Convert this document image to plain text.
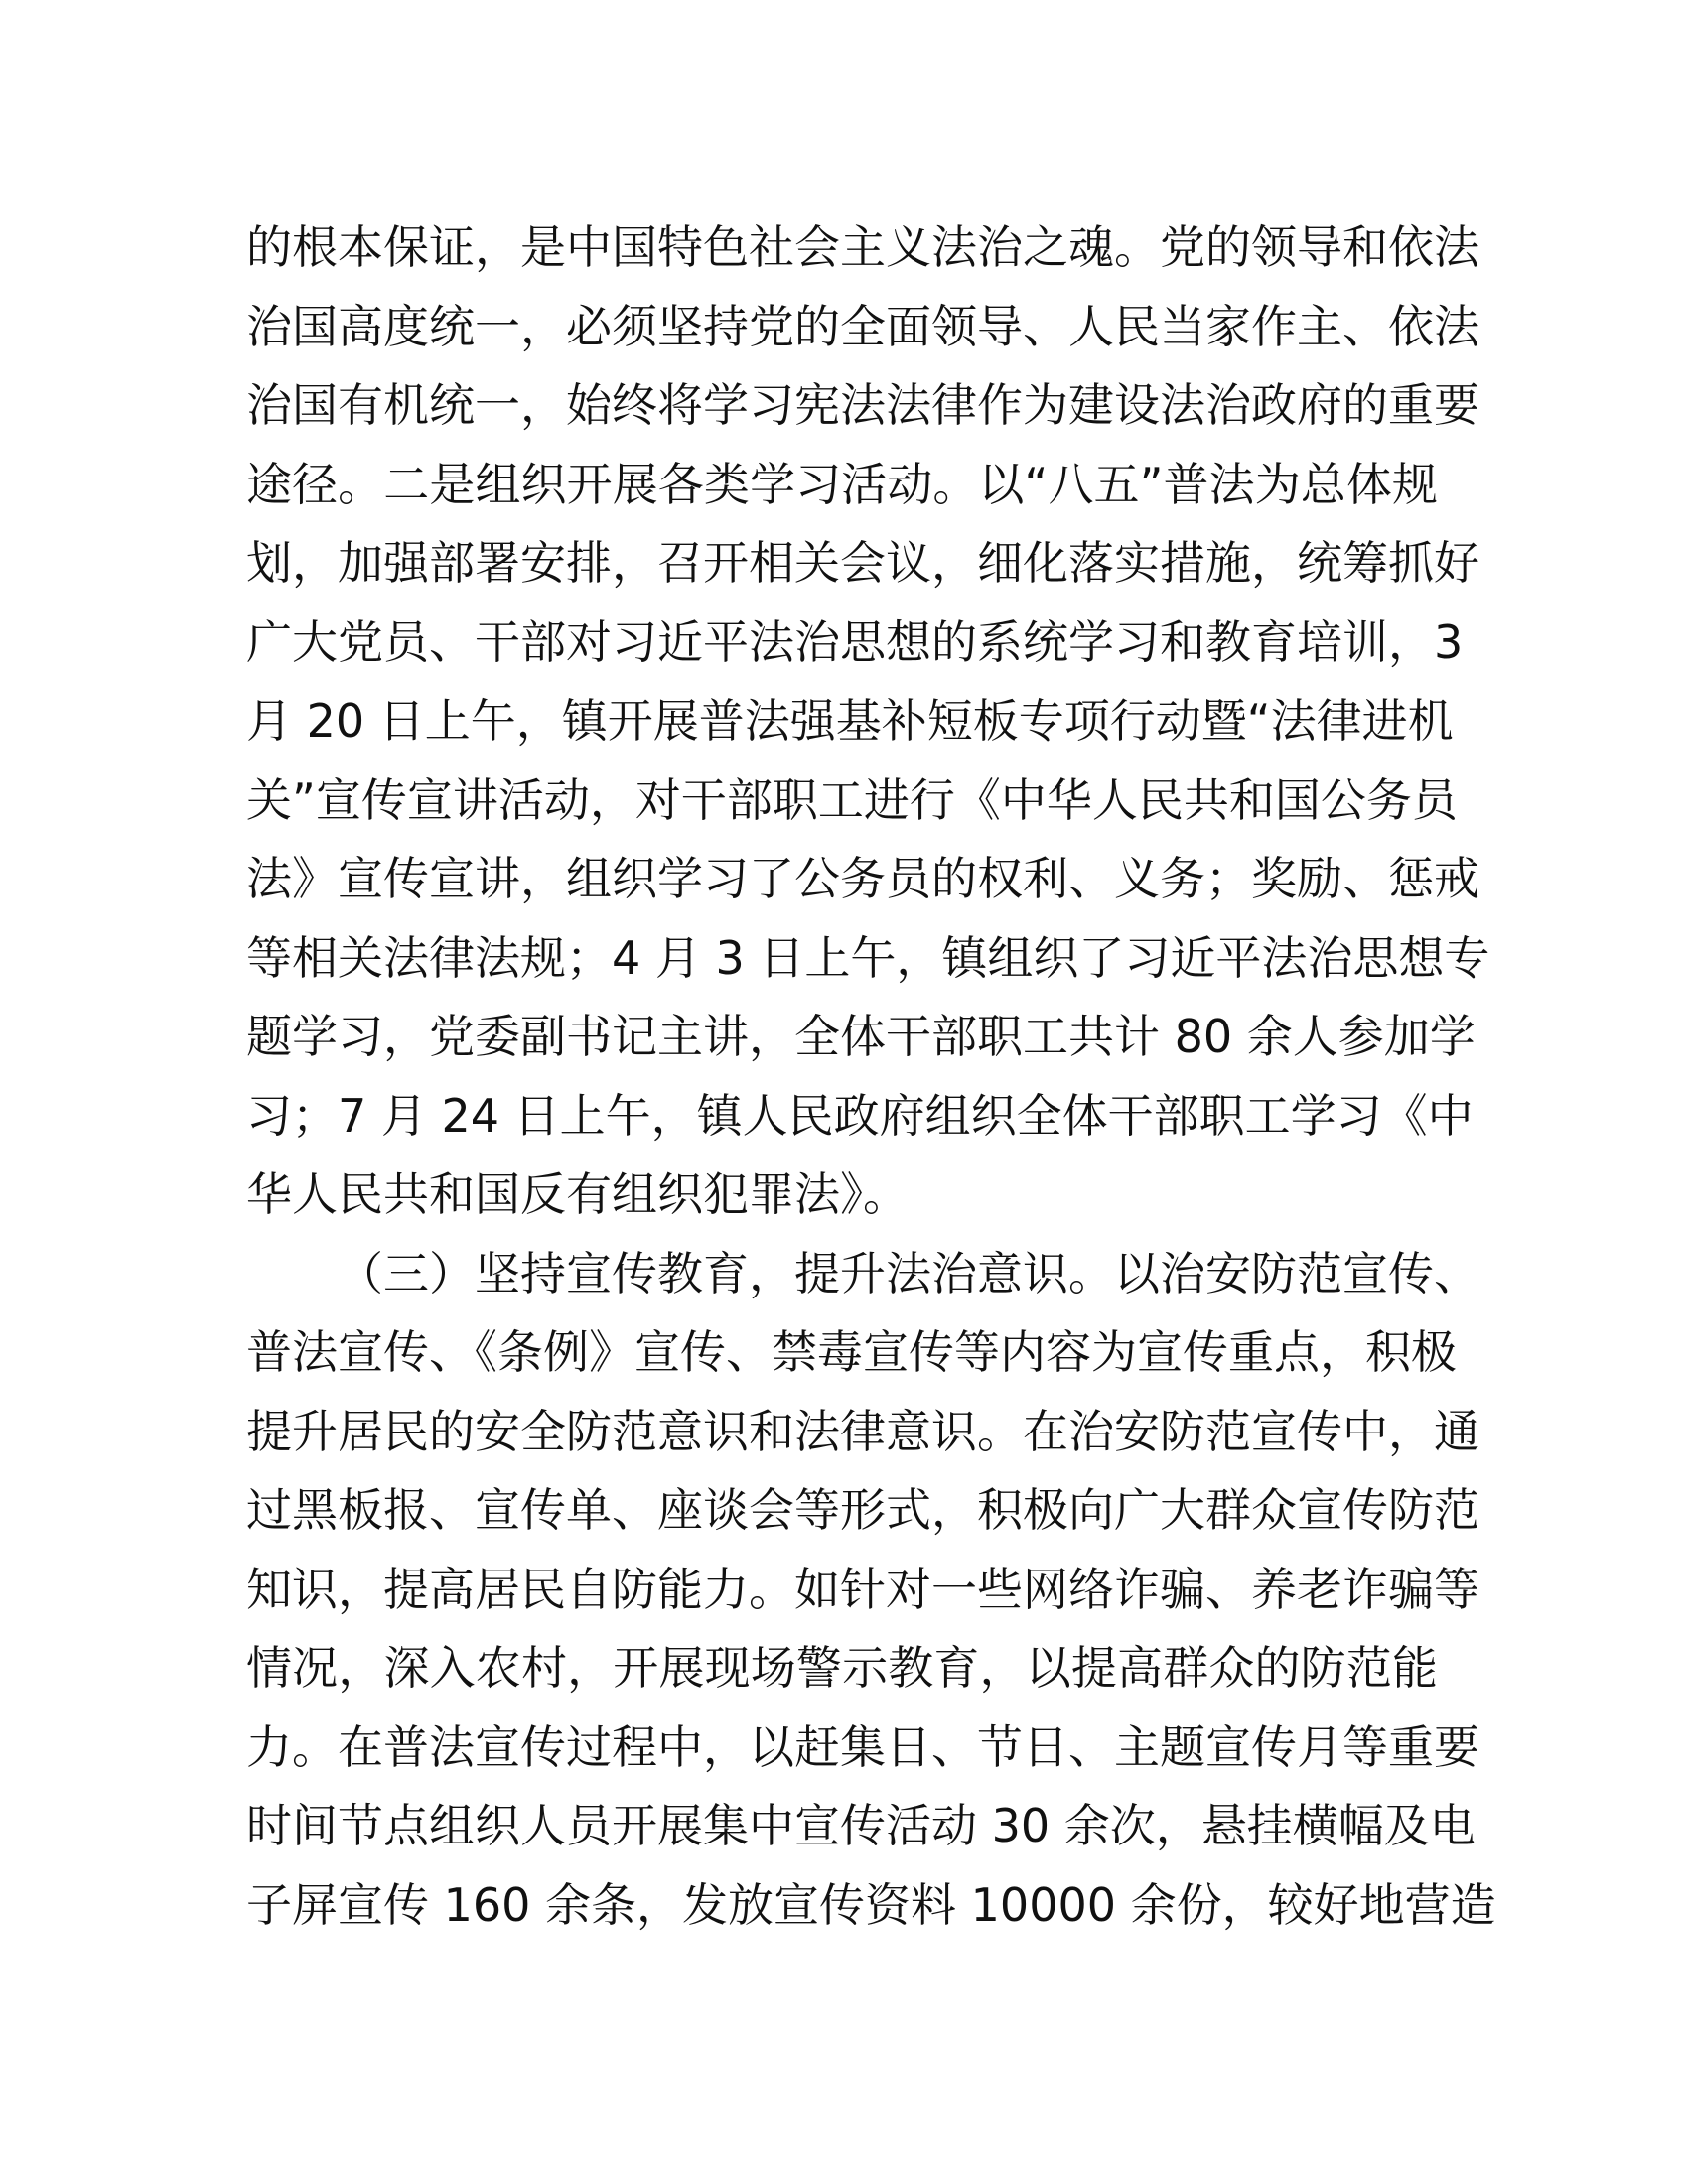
的根本保证，是中国特色社会主义法治之魂。党的领导和依法
治国高度统一，必须坚持党的全面领导、人民当家作主、依法
治国有机统一，始终将学习宪法法律作为建设法治政府的重要
途径。二是组织开展各类学习活动。以“八五”普法为总体规
划，加强部署安排，召开相关会议，细化落实措施，统筹抓好
广大党员、干部对习近平法治思想的系统学习和教育培训，3
月 20 日上午，镇开展普法强基补短板专项行动暨“法律进机
关”宣传宣讲活动，对干部职工进行《中华人民共和国公务员
法》宣传宣讲，组织学习了公务员的权利、义务；奖励、惩戒
等相关法律法规；4 月 3 日上午，镇组织了习近平法治思想专
题学习，党委副书记主讲，全体干部职工共计 80 余人参加学
习；7 月 24 日上午，镇人民政府组织全体干部职工学习《中
华人民共和国反有组织犯罪法》。
（三）坚持宣传教育，提升法治意识。以治安防范宣传、
普法宣传、《条例》宣传、禁毒宣传等内容为宣传重点，积极
提升居民的安全防范意识和法律意识。在治安防范宣传中，通
过黑板报、宣传单、座谈会等形式，积极向广大群众宣传防范
知识，提高居民自防能力。如针对一些网络诈骗、养老诈骗等
情况，深入农村，开展现场警示教育，以提高群众的防范能
力。在普法宣传过程中，以赶集日、节日、主题宣传月等重要
时间节点组织人员开展集中宣传活动 30 余次，悬挂横幅及电
子屏宣传 160 余条，发放宣传资料 10000 余份，较好地营造
